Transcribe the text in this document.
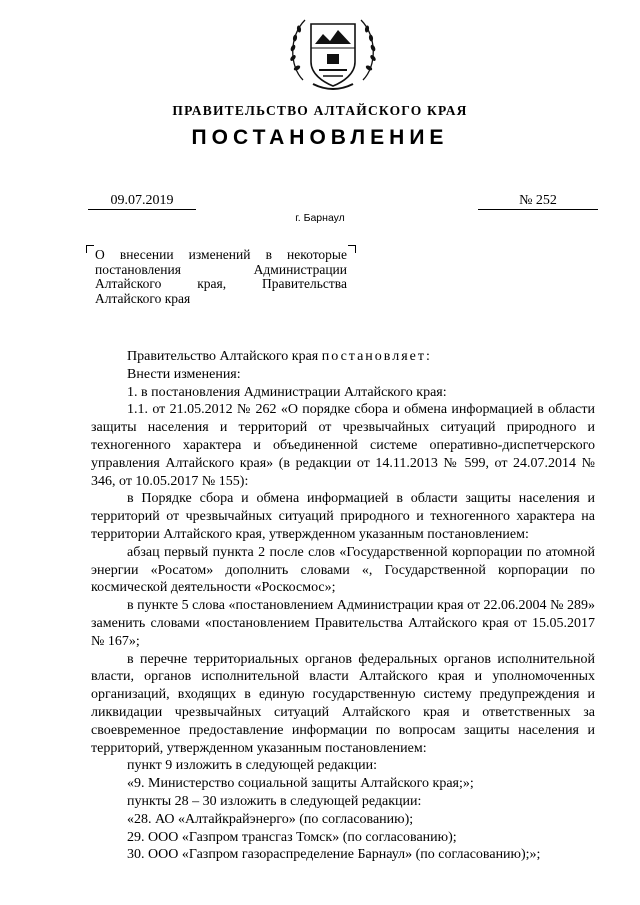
ПРАВИТЕЛЬСТВО АЛТАЙСКОГО КРАЯ
ПОСТАНОВЛЕНИЕ
09.07.2019
г. Барнаул
№ 252
О внесении изменений в некоторые постановления Администрации Алтайского края, Правительства Алтайского края

Правительство Алтайского края постановляет:

Внести изменения:

1. в постановления Администрации Алтайского края:

1.1. от 21.05.2012 № 262 «О порядке сбора и обмена информацией в области защиты населения и территорий от чрезвычайных ситуаций природного и техногенного характера и объединенной системе оперативно-диспетчерского управления Алтайского края» (в редакции от 14.11.2013 № 599, от 24.07.2014 № 346, от 10.05.2017 № 155):

в Порядке сбора и обмена информацией в области защиты населения и территорий от чрезвычайных ситуаций природного и техногенного характера на территории Алтайского края, утвержденном указанным постановлением:

абзац первый пункта 2 после слов «Государственной корпорации по атомной энергии «Росатом» дополнить словами «, Государственной корпорации по космической деятельности «Роскосмос»;

в пункте 5 слова «постановлением Администрации края от 22.06.2004 № 289» заменить словами «постановлением Правительства Алтайского края от 15.05.2017 № 167»;

в перечне территориальных органов федеральных органов исполнительной власти, органов исполнительной власти Алтайского края и уполномоченных организаций, входящих в единую государственную систему предупреждения и ликвидации чрезвычайных ситуаций Алтайского края и ответственных за своевременное предоставление информации по вопросам защиты населения и территорий, утвержденном указанным постановлением:

пункт 9 изложить в следующей редакции:

«9. Министерство социальной защиты Алтайского края;»;

пункты 28 – 30 изложить в следующей редакции:

«28. АО «Алтайкрайэнерго» (по согласованию);

29. ООО «Газпром трансгаз Томск» (по согласованию);

30. ООО «Газпром газораспределение Барнаул» (по согласованию);»;
